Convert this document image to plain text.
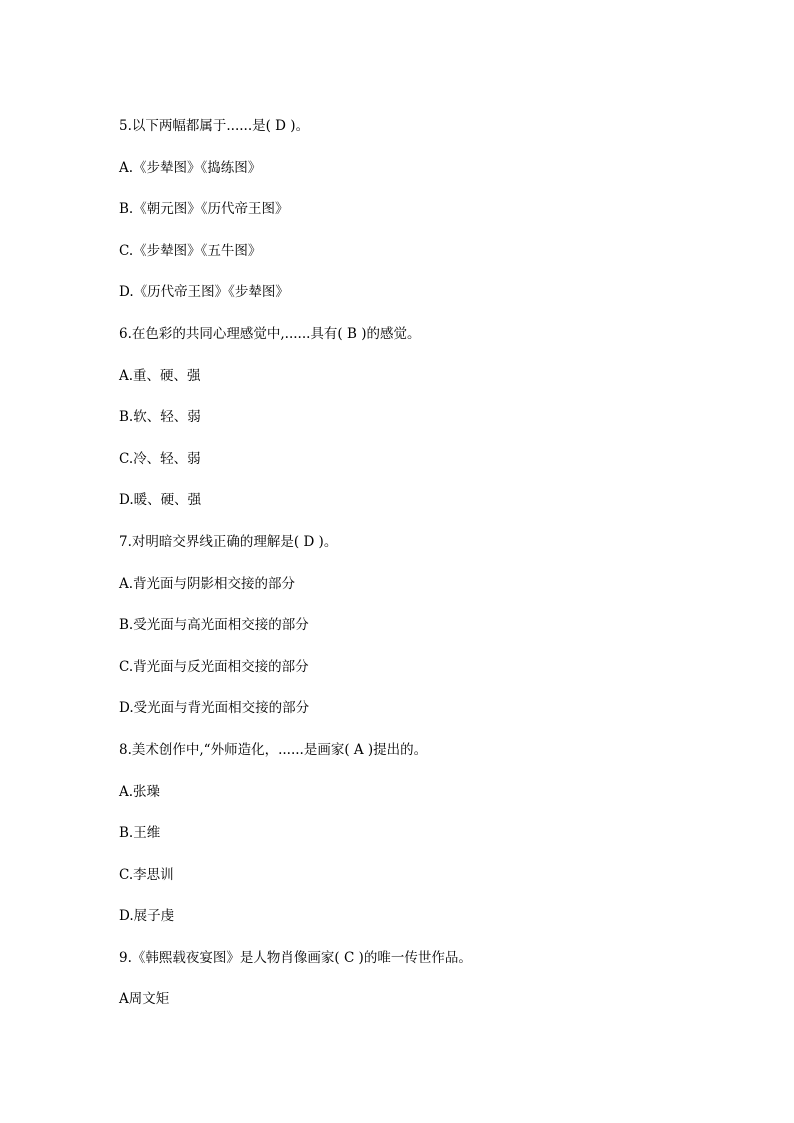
5.以下两幅都属于......是( D )。
A.《步辇图》《捣练图》
B.《朝元图》《历代帝王图》
C.《步辇图》《五牛图》
D.《历代帝王图》《步辇图》
6.在色彩的共同心理感觉中,......具有( B )的感觉。
A.重、硬、强
B.软、轻、弱
C.冷、轻、弱
D.暖、硬、强
7.对明暗交界线正确的理解是( D )。
A.背光面与阴影相交接的部分
B.受光面与高光面相交接的部分
C.背光面与反光面相交接的部分
D.受光面与背光面相交接的部分
8.美术创作中,“外师造化，......是画家( A )提出的。
A.张璪
B.王维
C.李思训
D.展子虔
9.《韩熙载夜宴图》是人物肖像画家( C )的唯一传世作品。
A周文矩
